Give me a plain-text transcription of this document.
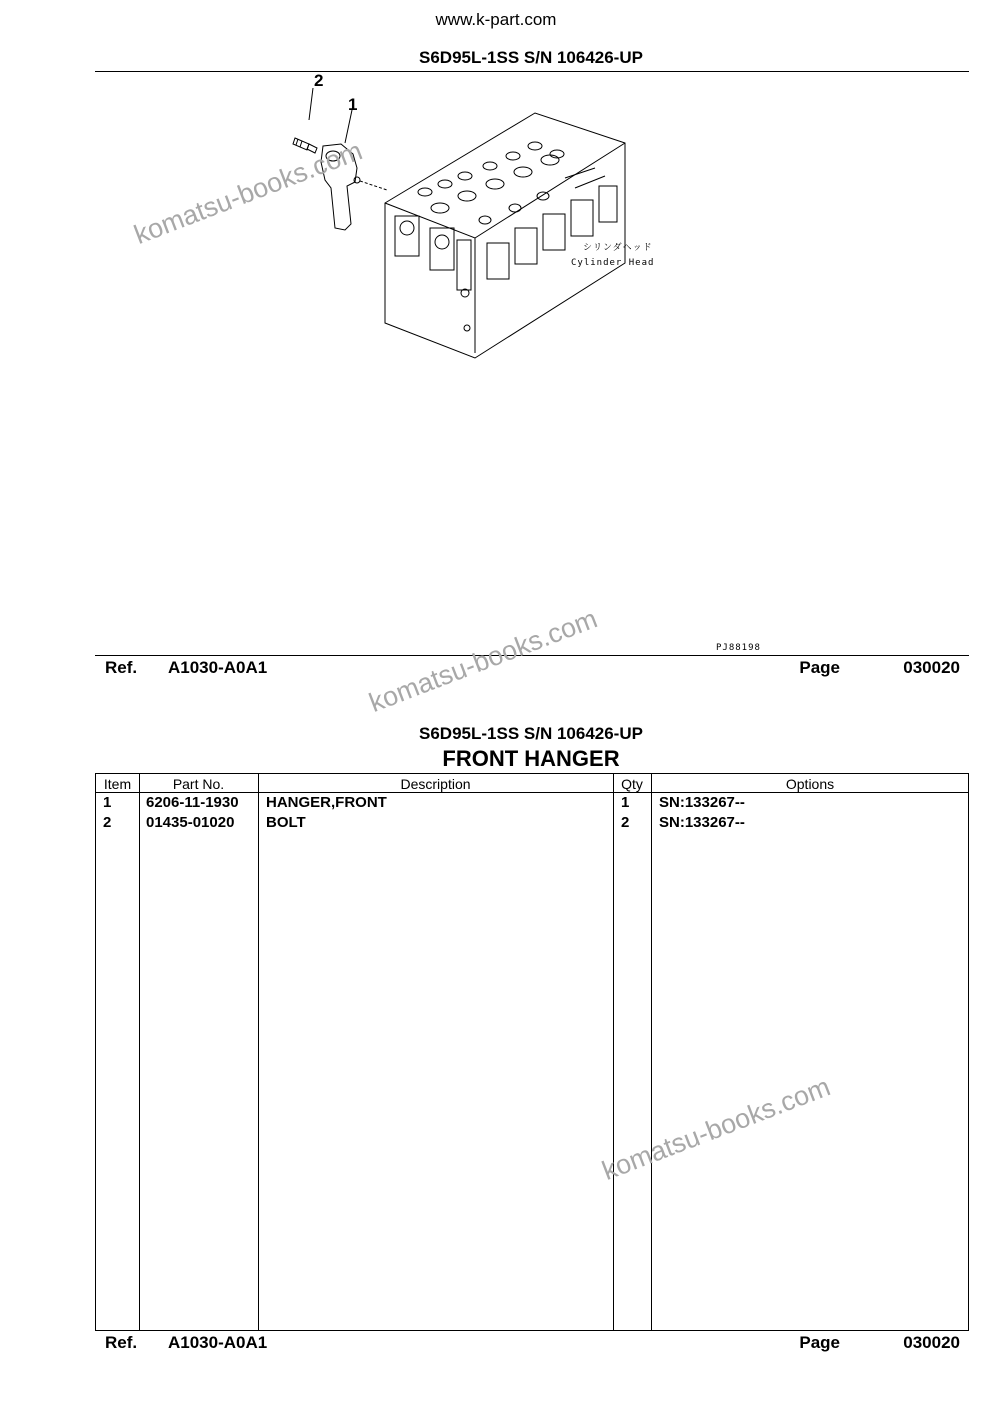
www.k-part.com
S6D95L-1SS S/N 106426-UP
2
1
シリンダヘッド
Cylinder Head
PJ88198
Ref. A1030-A0A1	Page	030020
S6D95L-1SS S/N 106426-UP
FRONT HANGER
Item	Part No.	Description	Qty	Options
1 6206-11-1930 HANGER,FRONT	1 SN:133267--
2 01435-01020 BOLT	2 SN:133267--
Ref. A1030-A0A1	Page	030020
komatsu-books.com
komatsu-books.com
komatsu-books.com
